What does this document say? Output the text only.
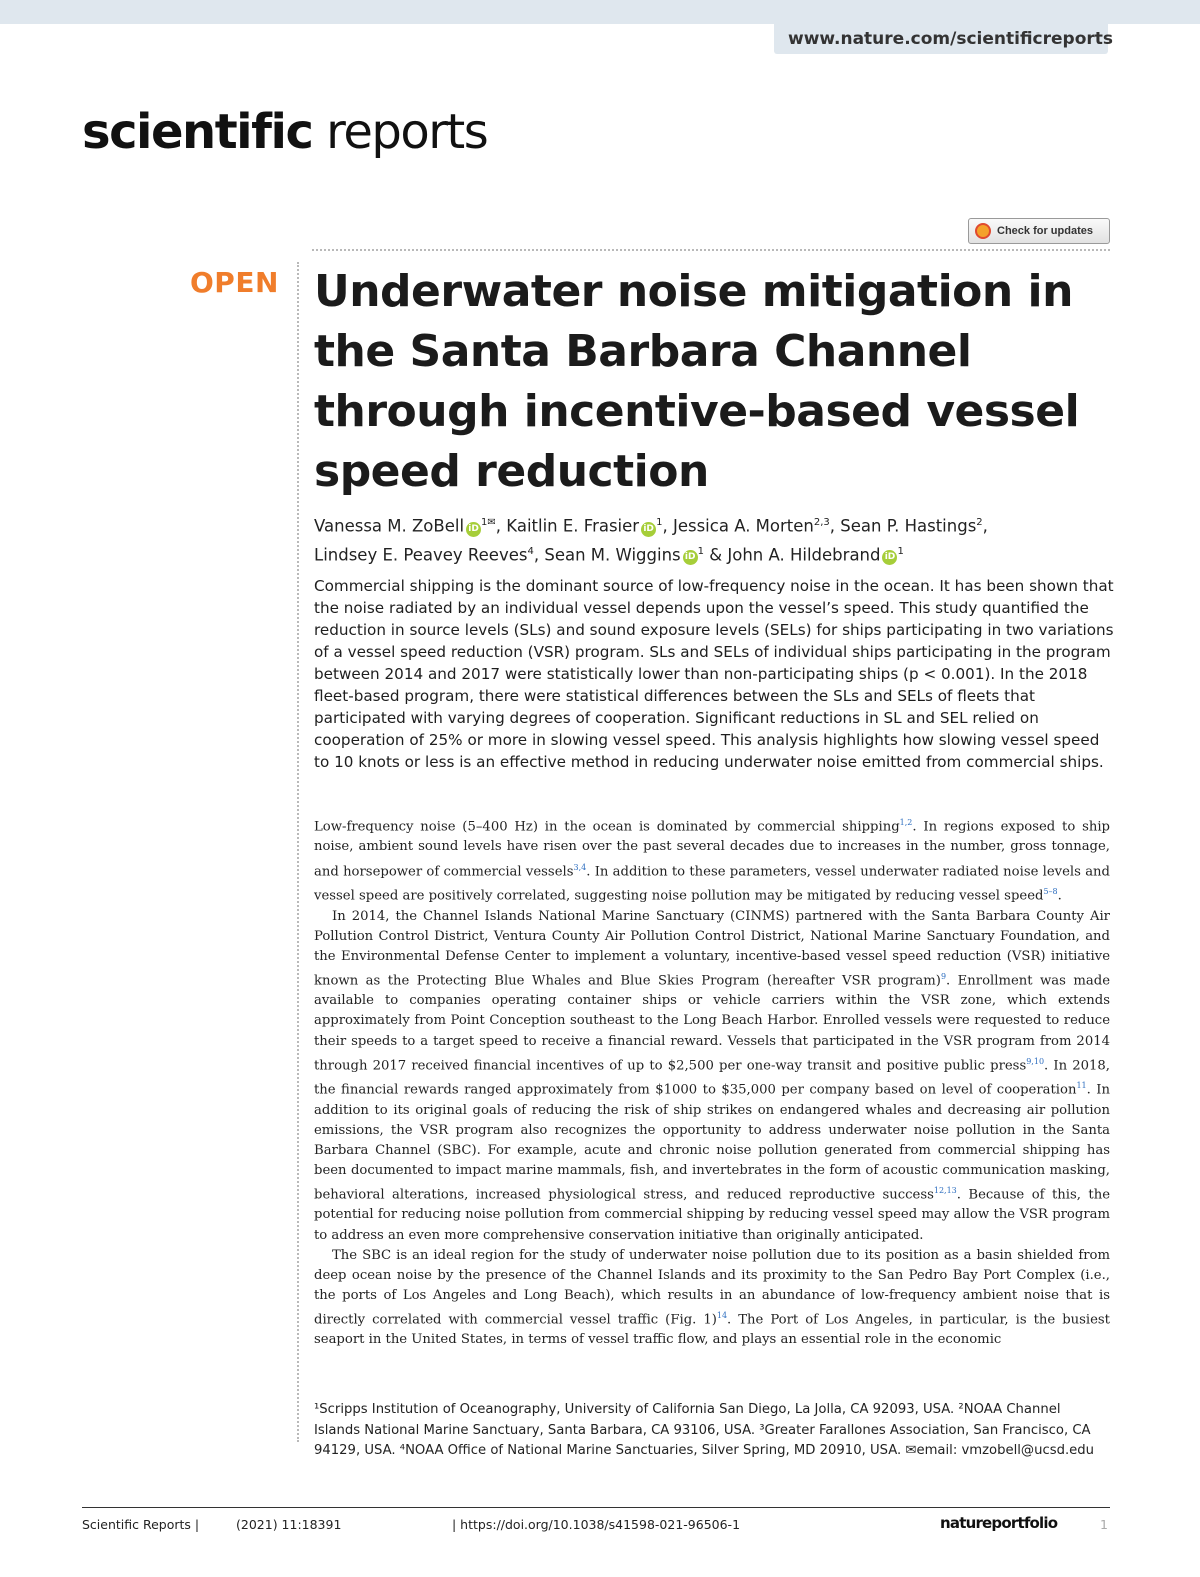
www.nature.com/scientificreports
scientific reports
Check for updates
OPEN Underwater noise mitigation in the Santa Barbara Channel through incentive-based vessel speed reduction
Vanessa M. ZoBell $iD^{1✉}$, Kaitlin E. Frasier $iD^1$, Jessica A. Morten$^{2,3}$, Sean P. Hastings$^2$,
Lindsey E. Peavey Reeves$^4$, Sean M. Wiggins $iD^1$ & John A. Hildebrand $iD^1$
Commercial shipping is the dominant source of low-frequency noise in the ocean. It has been shown that the noise radiated by an individual vessel depends upon the vessel’s speed. This study quantified the reduction in source levels (SLs) and sound exposure levels (SELs) for ships participating in two variations of a vessel speed reduction (VSR) program. SLs and SELs of individual ships participating in the program between 2014 and 2017 were statistically lower than non-participating ships (p < 0.001). In the 2018 fleet-based program, there were statistical differences between the SLs and SELs of fleets that participated with varying degrees of cooperation. Significant reductions in SL and SEL relied on cooperation of 25% or more in slowing vessel speed. This analysis highlights how slowing vessel speed to 10 knots or less is an effective method in reducing underwater noise emitted from commercial ships.

Low-frequency noise (5–400 Hz) in the ocean is dominated by commercial shipping$^{1,2}$. In regions exposed to ship noise, ambient sound levels have risen over the past several decades due to increases in the number, gross tonnage, and horsepower of commercial vessels$^{3,4}$. In addition to these parameters, vessel underwater radiated noise levels and vessel speed are positively correlated, suggesting noise pollution may be mitigated by reducing vessel speed$^{5-8}$.

In 2014, the Channel Islands National Marine Sanctuary (CINMS) partnered with the Santa Barbara County Air Pollution Control District, Ventura County Air Pollution Control District, National Marine Sanctuary Foundation, and the Environmental Defense Center to implement a voluntary, incentive-based vessel speed reduction (VSR) initiative known as the Protecting Blue Whales and Blue Skies Program (hereafter VSR program)$^9$. Enrollment was made available to companies operating container ships or vehicle carriers within the VSR zone, which extends approximately from Point Conception southeast to the Long Beach Harbor. Enrolled vessels were requested to reduce their speeds to a target speed to receive a financial reward. Vessels that participated in the VSR program from 2014 through 2017 received financial incentives of up to $2,500 per one-way transit and positive public press$^{9,10}$. In 2018, the financial rewards ranged approximately from $1000 to $35,000 per company based on level of cooperation$^{11}$. In addition to its original goals of reducing the risk of ship strikes on endangered whales and decreasing air pollution emissions, the VSR program also recognizes the opportunity to address underwater noise pollution in the Santa Barbara Channel (SBC). For example, acute and chronic noise pollution generated from commercial shipping has been documented to impact marine mammals, fish, and invertebrates in the form of acoustic communication masking, behavioral alterations, increased physiological stress, and reduced reproductive success$^{12,13}$. Because of this, the potential for reducing noise pollution from commercial shipping by reducing vessel speed may allow the VSR program to address an even more comprehensive conservation initiative than originally anticipated.

The SBC is an ideal region for the study of underwater noise pollution due to its position as a basin shielded from deep ocean noise by the presence of the Channel Islands and its proximity to the San Pedro Bay Port Complex (i.e., the ports of Los Angeles and Long Beach), which results in an abundance of low-frequency ambient noise that is directly correlated with commercial vessel traffic (Fig. 1)$^{14}$. The Port of Los Angeles, in particular, is the busiest seaport in the United States, in terms of vessel traffic flow, and plays an essential role in the economic

¹Scripps Institution of Oceanography, University of California San Diego, La Jolla, CA 92093, USA. ²NOAA Channel Islands National Marine Sanctuary, Santa Barbara, CA 93106, USA. ³Greater Farallones Association, San Francisco, CA 94129, USA. ⁴NOAA Office of National Marine Sanctuaries, Silver Spring, MD 20910, USA. ✉email: vmzobell@ucsd.edu
Scientific Reports |	(2021) 11:18391	| https://doi.org/10.1038/s41598-021-96506-1	natureportfolio	1
